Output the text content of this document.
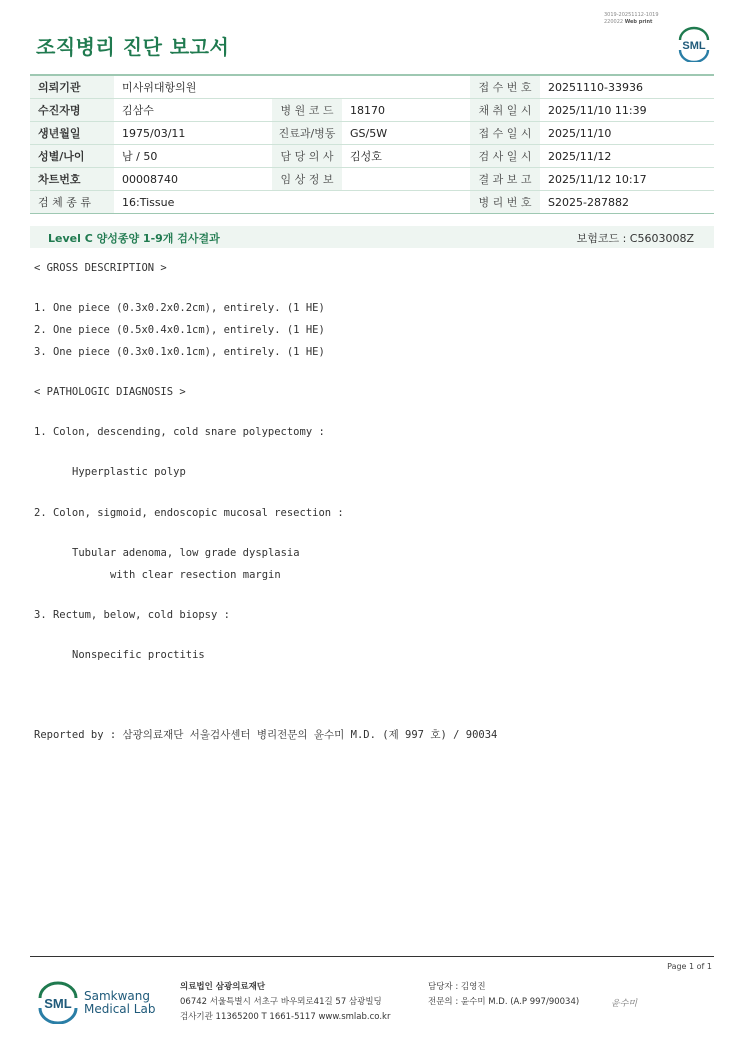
3019-20251112-1019
220022 Web print
조직병리 진단 보고서	SML
의뢰기관	미사위대항의원			접 수 번 호	20251110-33936
수진자명	김삼수	병 원 코 드	18170	채 취 일 시	2025/11/10 11:39
생년월일	1975/03/11	진료과/병동	GS/5W	접 수 일 시	2025/11/10
성별/나이	남 / 50	담 당 의 사	김성호	검 사 일 시	2025/11/12
차트번호	00008740	임 상 정 보		결 과 보 고	2025/11/12 10:17
검 체 종 류	16:Tissue			병 리 번 호	S2025-287882
Level C 양성종양 1-9개 검사결과	보험코드 : C5603008Z
< GROSS DESCRIPTION >
1. One piece (0.3x0.2x0.2cm), entirely. (1 HE)
2. One piece (0.5x0.4x0.1cm), entirely. (1 HE)
3. One piece (0.3x0.1x0.1cm), entirely. (1 HE)
< PATHOLOGIC DIAGNOSIS >
1. Colon, descending, cold snare polypectomy :
Hyperplastic polyp
2. Colon, sigmoid, endoscopic mucosal resection :
Tubular adenoma, low grade dysplasia
with clear resection margin
3. Rectum, below, cold biopsy :
Nonspecific proctitis
Reported by : 삼광의료재단 서울검사센터 병리전문의 윤수미 M.D. (제 997 호) / 90034
Page 1 of 1
SML Samkwang
Medical Lab
의료법인 삼광의료재단
06742 서울특별시 서초구 바우뫼로41길 57 삼광빌딩
검사기관 11365200 T 1661-5117 www.smlab.co.kr
담당자 : 김영진
전문의 : 윤수미 M.D. (A.P 997/90034)	윤수미
